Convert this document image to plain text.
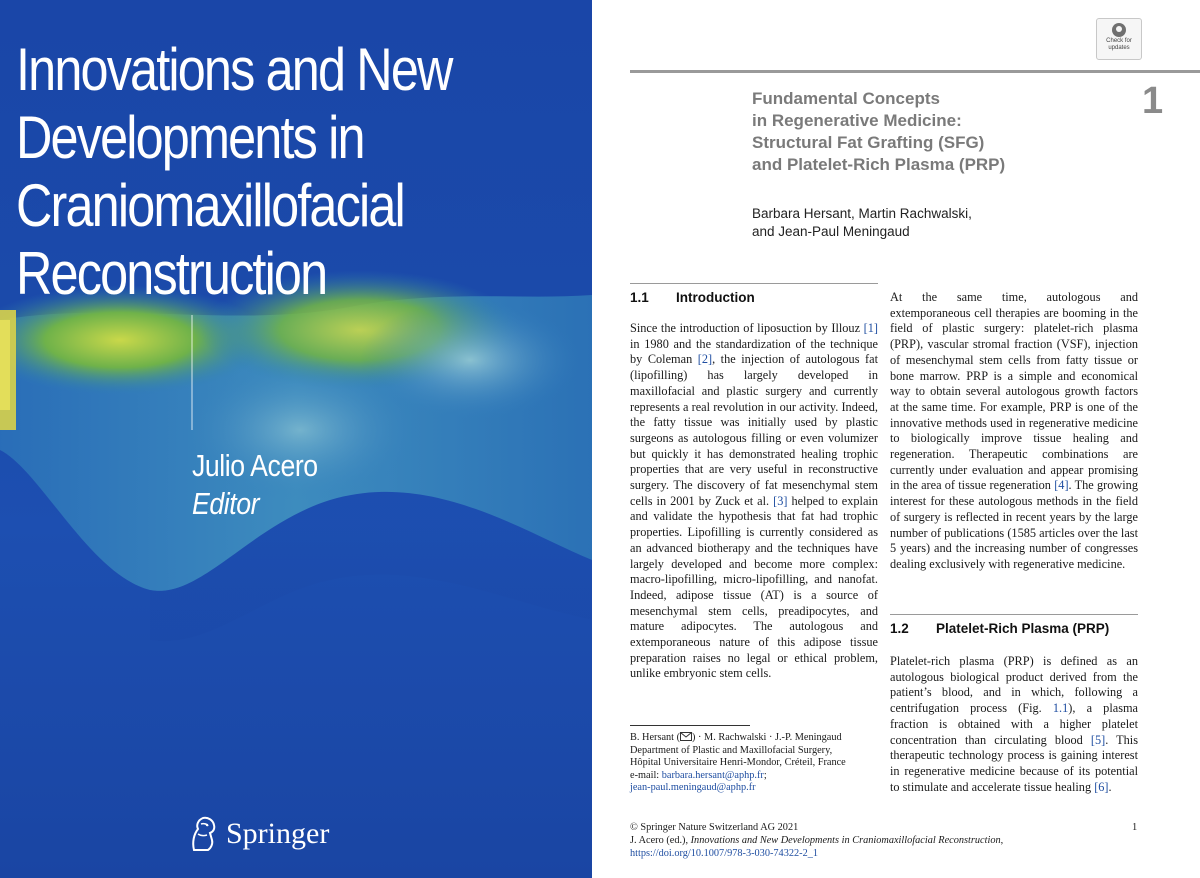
Innovations and New
Developments in
Craniomaxillofacial
Reconstruction

Julio Acero

Editor

Springer
Check for
updates
Fundamental Concepts
in Regenerative Medicine:
Structural Fat Grafting (SFG)
and Platelet-Rich Plasma (PRP)
1

Barbara Hersant, Martin Rachwalski,
and Jean-Paul Meningaud

1.1 Introduction

Since the introduction of liposuction by Illouz [1] in 1980 and the standardization of the technique by Coleman [2], the injection of autologous fat (lipofilling) has largely developed in maxillofacial and plastic surgery and currently represents a real revolution in our activity. Indeed, the fatty tissue was initially used by plastic surgeons as autologous filling or even volumizer but quickly it has demonstrated healing trophic properties that are very useful in reconstructive surgery. The discovery of fat mesenchymal stem cells in 2001 by Zuck et al. [3] helped to explain and validate the hypothesis that fat had trophic properties. Lipofilling is currently considered as an advanced biotherapy and the techniques have largely developed and become more complex: macro-lipofilling, micro-lipofilling, and nanofat. Indeed, adipose tissue (AT) is a source of mesenchymal stem cells, preadipocytes, and mature adipocytes. The autologous and extemporaneous nature of this adipose tissue preparation raises no legal or ethical problem, unlike embryonic stem cells.

At the same time, autologous and extemporaneous cell therapies are booming in the field of plastic surgery: platelet-rich plasma (PRP), vascular stromal fraction (VSF), injection of mesenchymal stem cells from fatty tissue or bone marrow. PRP is a simple and economical way to obtain several autologous growth factors at the same time. For example, PRP is one of the innovative methods used in regenerative medicine to biologically improve tissue healing and regeneration. Therapeutic combinations are currently under evaluation and appear promising in the area of tissue regeneration [4]. The growing interest for these autologous methods in the field of surgery is reflected in recent years by the large number of publications (1585 articles over the last 5 years) and the increasing number of congresses dealing exclusively with regenerative medicine.

1.2 Platelet-Rich Plasma (PRP)

Platelet-rich plasma (PRP) is defined as an autologous biological product derived from the patient’s blood, and in which, following a centrifugation process (Fig. 1.1), a plasma fraction is obtained with a higher platelet concentration than circulating blood [5]. This therapeutic technology process is gaining interest in regenerative medicine because of its potential to stimulate and accelerate tissue healing [6].

B. Hersant ( ) · M. Rachwalski · J.-P. Meningaud
Department of Plastic and Maxillofacial Surgery,
Hôpital Universitaire Henri-Mondor, Créteil, France
e-mail: barbara.hersant@aphp.fr;
jean-paul.meningaud@aphp.fr

© Springer Nature Switzerland AG 2021
J. Acero (ed.), Innovations and New Developments in Craniomaxillofacial Reconstruction,
https://doi.org/10.1007/978-3-030-74322-2_1

1
